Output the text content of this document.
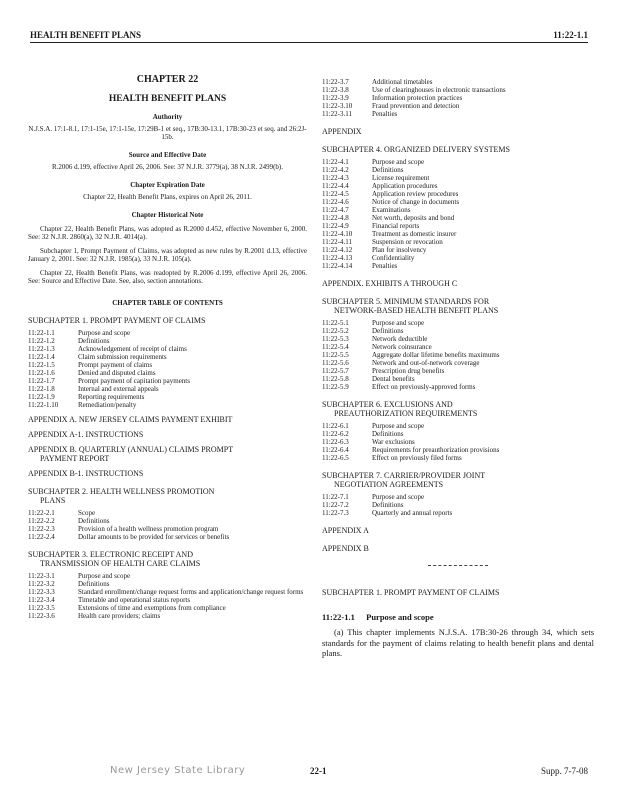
HEALTH BENEFIT PLANS	11:22-1.1
CHAPTER 22
HEALTH BENEFIT PLANS
Authority
N.J.S.A. 17:1-8.1, 17:1-15e, 17:1-15e, 17:29B-1 et seq., 17B:30-13.1, 17B:30-23 et seq. and 26:2J-15b.
Source and Effective Date
R.2006 d.199, effective April 26, 2006. See: 37 N.J.R. 3779(a), 38 N.J.R. 2499(b).
Chapter Expiration Date
Chapter 22, Health Benefit Plans, expires on April 26, 2011.
Chapter Historical Note
Chapter 22, Health Benefit Plans, was adopted as R.2000 d.452, effective November 6, 2000. See: 32 N.J.R. 2860(a), 32 N.J.R. 4014(a).
Subchapter 1, Prompt Payment of Claims, was adopted as new rules by R.2001 d.13, effective January 2, 2001. See: 32 N.J.R. 1985(a), 33 N.J.R. 105(a).
Chapter 22, Health Benefit Plans, was readopted by R.2006 d.199, effective April 26, 2006. See: Source and Effective Date. See, also, section annotations.
CHAPTER TABLE OF CONTENTS
SUBCHAPTER 1. PROMPT PAYMENT OF CLAIMS
11:22-1.1	Purpose and scope
11:22-1.2	Definitions
11:22-1.3	Acknowledgement of receipt of claims
11:22-1.4	Claim submission requirements
11:22-1.5	Prompt payment of claims
11:22-1.6	Denied and disputed claims
11:22-1.7	Prompt payment of capitation payments
11:22-1.8	Internal and external appeals
11:22-1.9	Reporting requirements
11:22-1.10	Remediation/penalty
APPENDIX A. NEW JERSEY CLAIMS PAYMENT EXHIBIT
APPENDIX A-1. INSTRUCTIONS
APPENDIX B. QUARTERLY (ANNUAL) CLAIMS PROMPT
PAYMENT REPORT
APPENDIX B-1. INSTRUCTIONS
SUBCHAPTER 2. HEALTH WELLNESS PROMOTION
PLANS
11:22-2.1	Scope
11:22-2.2	Definitions
11:22-2.3	Provision of a health wellness promotion program
11:22-2.4	Dollar amounts to be provided for services or benefits
SUBCHAPTER 3. ELECTRONIC RECEIPT AND
TRANSMISSION OF HEALTH CARE CLAIMS
11:22-3.1	Purpose and scope
11:22-3.2	Definitions
11:22-3.3	Standard enrollment/change request forms and application/change request forms
11:22-3.4	Timetable and operational status reports
11:22-3.5	Extensions of time and exemptions from compliance
11:22-3.6	Health care providers; claims
11:22-3.7	Additional timetables
11:22-3.8	Use of clearinghouses in electronic transactions
11:22-3.9	Information protection practices
11:22-3.10	Fraud prevention and detection
11:22-3.11	Penalties
APPENDIX
SUBCHAPTER 4. ORGANIZED DELIVERY SYSTEMS
11:22-4.1	Purpose and scope
11:22-4.2	Definitions
11:22-4.3	License requirement
11:22-4.4	Application procedures
11:22-4.5	Application review procedures
11:22-4.6	Notice of change in documents
11:22-4.7	Examinations
11:22-4.8	Net worth, deposits and bond
11:22-4.9	Financial reports
11:22-4.10	Treatment as domestic insurer
11:22-4.11	Suspension or revocation
11:22-4.12	Plan for insolvency
11:22-4.13	Confidentiality
11:22-4.14	Penalties
APPENDIX. EXHIBITS A THROUGH C
SUBCHAPTER 5. MINIMUM STANDARDS FOR
NETWORK-BASED HEALTH BENEFIT PLANS
11:22-5.1	Purpose and scope
11:22-5.2	Definitions
11:22-5.3	Network deductible
11:22-5.4	Network coinsurance
11:22-5.5	Aggregate dollar lifetime benefits maximums
11:22-5.6	Network and out-of-network coverage
11:22-5.7	Prescription drug benefits
11:22-5.8	Dental benefits
11:22-5.9	Effect on previously-approved forms
SUBCHAPTER 6. EXCLUSIONS AND
PREAUTHORIZATION REQUIREMENTS
11:22-6.1	Purpose and scope
11:22-6.2	Definitions
11:22-6.3	War exclusions
11:22-6.4	Requirements for preauthorization provisions
11:22-6.5	Effect on previously filed forms
SUBCHAPTER 7. CARRIER/PROVIDER JOINT
NEGOTIATION AGREEMENTS
11:22-7.1	Purpose and scope
11:22-7.2	Definitions
11:22-7.3	Quarterly and annual reports
APPENDIX A
APPENDIX B
SUBCHAPTER 1. PROMPT PAYMENT OF CLAIMS
11:22-1.1 Purpose and scope
(a) This chapter implements N.J.S.A. 17B:30-26 through 34, which sets standards for the payment of claims relating to health benefit plans and dental plans.
New Jersey State Library	22-1	Supp. 7-7-08
